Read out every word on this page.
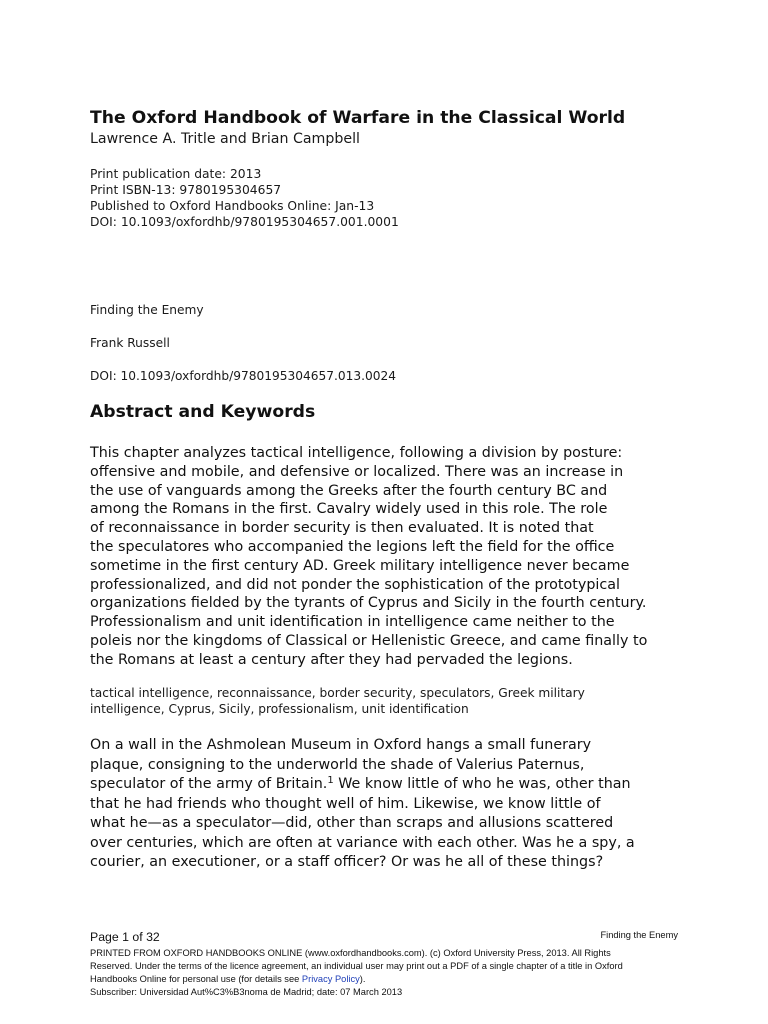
The Oxford Handbook of Warfare in the Classical World
Lawrence A. Tritle and Brian Campbell
Print publication date: 2013
Print ISBN-13: 9780195304657
Published to Oxford Handbooks Online: Jan-13
DOI: 10.1093/oxfordhb/9780195304657.001.0001
Finding the Enemy
Frank Russell
DOI: 10.1093/oxfordhb/9780195304657.013.0024
Abstract and Keywords

This chapter analyzes tactical intelligence, following a division by posture:
offensive and mobile, and defensive or localized. There was an increase in
the use of vanguards among the Greeks after the fourth century BC and
among the Romans in the first. Cavalry widely used in this role. The role
of reconnaissance in border security is then evaluated. It is noted that
the speculatores who accompanied the legions left the field for the office
sometime in the first century AD. Greek military intelligence never became
professionalized, and did not ponder the sophistication of the prototypical
organizations fielded by the tyrants of Cyprus and Sicily in the fourth century.
Professionalism and unit identification in intelligence came neither to the
poleis nor the kingdoms of Classical or Hellenistic Greece, and came finally to
the Romans at least a century after they had pervaded the legions.

tactical intelligence, reconnaissance, border security, speculators, Greek military
intelligence, Cyprus, Sicily, professionalism, unit identification

On a wall in the Ashmolean Museum in Oxford hangs a small funerary
plaque, consigning to the underworld the shade of Valerius Paternus,
speculator of the army of Britain.$^1$ We know little of who he was, other than
that he had friends who thought well of him. Likewise, we know little of
what he—as a speculator—did, other than scraps and allusions scattered
over centuries, which are often at variance with each other. Was he a spy, a
courier, an executioner, or a staff officer? Or was he all of these things?

Page 1 of 32	Finding the Enemy
PRINTED FROM OXFORD HANDBOOKS ONLINE (www.oxfordhandbooks.com). (c) Oxford University Press, 2013. All Rights
Reserved. Under the terms of the licence agreement, an individual user may print out a PDF of a single chapter of a title in Oxford
Handbooks Online for personal use (for details see Privacy Policy).
Subscriber: Universidad Aut%C3%B3noma de Madrid; date: 07 March 2013
